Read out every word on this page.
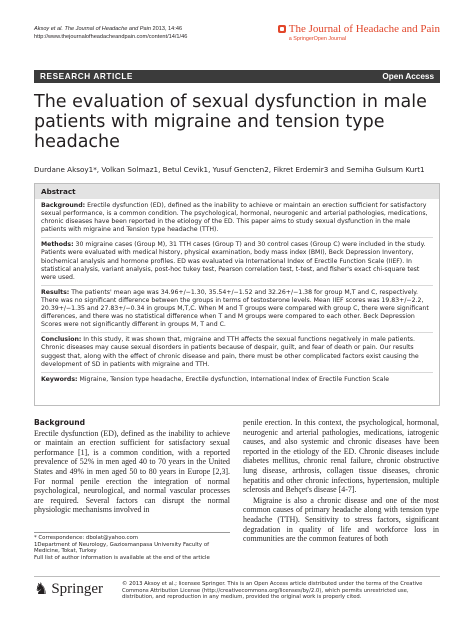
Aksoy et al. The Journal of Headache and Pain 2013, 14:46
http://www.thejournalofheadacheandpain.com/content/14/1/46
The Journal of Headache and Pain
a SpringerOpen Journal
RESEARCH ARTICLE	Open Access
The evaluation of sexual dysfunction in male patients with migraine and tension type headache
Durdane Aksoy1*, Volkan Solmaz1, Betul Cevik1, Yusuf Gencten2, Fikret Erdemir3 and Semiha Gulsum Kurt1
Abstract

Background: Erectile dysfunction (ED), defined as the inability to achieve or maintain an erection sufficient for satisfactory sexual performance, is a common condition. The psychological, hormonal, neurogenic and arterial pathologies, medications, chronic diseases have been reported in the etiology of the ED. This paper aims to study sexual dysfunction in the male patients with migraine and Tension type headache (TTH).

Methods: 30 migraine cases (Group M), 31 TTH cases (Group T) and 30 control cases (Group C) were included in the study. Patients were evaluated with medical history, physical examination, body mass index (BMI), Beck Depression Inventory, biochemical analysis and hormone profiles. ED was evaluated via International Index of Erectile Function Scale (IIEF). In statistical analysis, variant analysis, post-hoc tukey test, Pearson correlation test, t-test, and fisher's exact chi-square test were used.

Results: The patients' mean age was 34.96+/−1.30, 35.54+/−1.52 and 32.26+/−1.38 for group M,T and C, respectively. There was no significant difference between the groups in terms of testosterone levels. Mean IIEF scores was 19.83+/−2.2, 20.39+/−1.35 and 27.83+/−0.34 in groups M,T,C. When M and T groups were compared with group C, there were significant differences, and there was no statistical difference when T and M groups were compared to each other. Beck Depression Scores were not significantly different in groups M, T and C.

Conclusion: In this study, it was shown that, migraine and TTH affects the sexual functions negatively in male patients. Chronic diseases may cause sexual disorders in patients because of despair, guilt, and fear of death or pain. Our results suggest that, along with the effect of chronic disease and pain, there must be other complicated factors exist causing the development of SD in patients with migraine and TTH.

Keywords: Migraine, Tension type headache, Erectile dysfunction, International Index of Erectile Function Scale

Background

Erectile dysfunction (ED), defined as the inability to achieve or maintain an erection sufficient for satisfactory sexual performance [1], is a common condition, with a reported prevalence of 52% in men aged 40 to 70 years in the United States and 49% in men aged 50 to 80 years in Europe [2,3]. For normal penile erection the integration of normal psychological, neurological, and normal vascular processes are required. Several factors can disrupt the normal physiologic mechanisms involved in

penile erection. In this context, the psychological, hormonal, neurogenic and arterial pathologies, medications, iatrogenic causes, and also systemic and chronic diseases have been reported in the etiology of the ED. Chronic diseases include diabetes mellitus, chronic renal failure, chronic obstructive lung disease, arthrosis, collagen tissue diseases, chronic hepatitis and other chronic infections, hypertension, multiple sclerosis and Behçet's disease [4-7].

Migraine is also a chronic disease and one of the most common causes of primary headache along with tension type headache (TTH). Sensitivity to stress factors, significant degradation in quality of life and workforce loss in communities are the common features of both

* Correspondence: dbolat@yahoo.com
1Department of Neurology, Gaziosmanpasa University Faculty of Medicine, Tokat, Turkey
Full list of author information is available at the end of the article
♞ Springer	© 2013 Aksoy et al.; licensee Springer. This is an Open Access article distributed under the terms of the Creative Commons Attribution License (http://creativecommons.org/licenses/by/2.0), which permits unrestricted use, distribution, and reproduction in any medium, provided the original work is properly cited.
